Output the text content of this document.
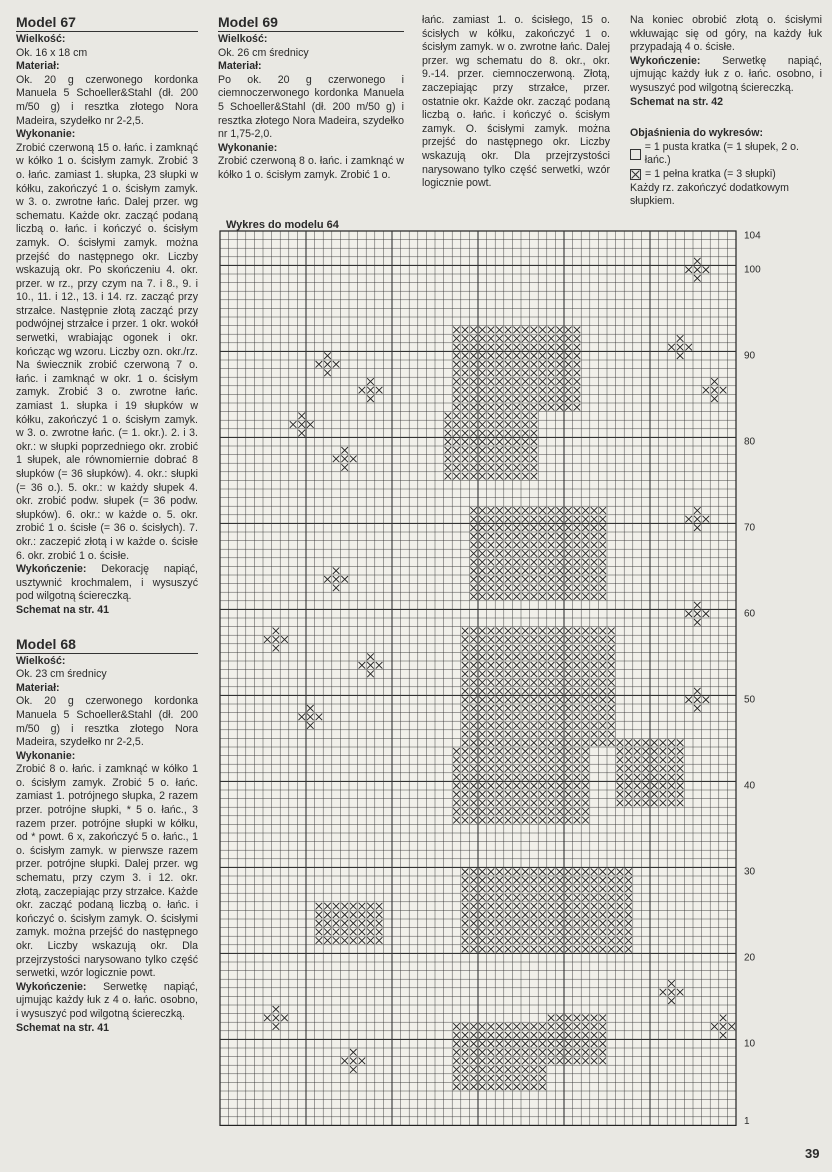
Model 67
Wielkość:

Ok. 16 x 18 cm

Materiał:

Ok. 20 g czerwonego kordonka Manuela 5 Schoeller&Stahl (dł. 200 m/50 g) i resztka złotego Nora Madeira, szydełko nr 2-2,5.

Wykonanie:

Zrobić czerwoną 15 o. łańc. i zamknąć w kółko 1 o. ścisłym zamyk. Zrobić 3 o. łańc. zamiast 1. słupka, 23 słupki w kółku, zakończyć 1 o. ścisłym zamyk. w 3. o. zwrotne łańc. Dalej przer. wg schematu. Każde okr. zacząć podaną liczbą o. łańc. i kończyć o. ścisłym zamyk. O. ścisłymi zamyk. można przejść do następnego okr. Liczby wskazują okr. Po skończeniu 4. okr. przer. w rz., przy czym na 7. i 8., 9. i 10., 11. i 12., 13. i 14. rz. zacząć przy strzałce. Następnie złotą zacząć przy podwójnej strzałce i przer. 1 okr. wokół serwetki, wrabiając ogonek i okr. kończąc wg wzoru. Liczby ozn. okr./rz. Na świecznik zrobić czerwoną 7 o. łańc. i zamknąć w okr. 1 o. ścisłym zamyk. Zrobić 3 o. zwrotne łańc. zamiast 1. słupka i 19 słupków w kółku, zakończyć 1 o. ścisłym zamyk. w 3. o. zwrotne łańc. (= 1. okr.). 2. i 3. okr.: w słupki poprzedniego okr. zrobić 1 słupek, ale równomiernie dobrać 8 słupków (= 36 słupków). 4. okr.: słupki (= 36 o.). 5. okr.: w każdy słupek 4. okr. zrobić podw. słupek (= 36 podw. słupków). 6. okr.: w każde o. 5. okr. zrobić 1 o. ścisłe (= 36 o. ścisłych). 7. okr.: zaczepić złotą i w każde o. ścisłe 6. okr. zrobić 1 o. ścisłe.

Wykończenie: Dekorację napiąć, usztywnić krochmalem, i wysuszyć pod wilgotną ściereczką.

Schemat na str. 41
Model 68
Wielkość:

Ok. 23 cm średnicy

Materiał:

Ok. 20 g czerwonego kordonka Manuela 5 Schoeller&Stahl (dł. 200 m/50 g) i resztka złotego Nora Madeira, szydełko nr 2-2,5.

Wykonanie:

Zrobić 8 o. łańc. i zamknąć w kółko 1 o. ścisłym zamyk. Zrobić 5 o. łańc. zamiast 1. potrójnego słupka, 2 razem przer. potrójne słupki, * 5 o. łańc., 3 razem przer. potrójne słupki w kółku, od * powt. 6 x, zakończyć 5 o. łańc., 1 o. ścisłym zamyk. w pierwsze razem przer. potrójne słupki. Dalej przer. wg schematu, przy czym 3. i 12. okr. złotą, zaczepiając przy strzałce. Każde okr. zacząć podaną liczbą o. łańc. i kończyć o. ścisłym zamyk. O. ścisłymi zamyk. można przejść do następnego okr. Liczby wskazują okr. Dla przejrzystości narysowano tylko część serwetki, wzór logicznie powt.

Wykończenie: Serwetkę napiąć, ujmując każdy łuk z 4 o. łańc. osobno, i wysuszyć pod wilgotną ściereczką.

Schemat na str. 41
Model 69
Wielkość:

Ok. 26 cm średnicy

Materiał:

Po ok. 20 g czerwonego i ciemnoczerwonego kordonka Manuela 5 Schoeller&Stahl (dł. 200 m/50 g) i resztka złotego Nora Madeira, szydełko nr 1,75-2,0.

Wykonanie:

Zrobić czerwoną 8 o. łańc. i zamknąć w kółko 1 o. ścisłym zamyk. Zrobić 1 o.

łańc. zamiast 1. o. ścisłego, 15 o. ścisłych w kółku, zakończyć 1 o. ścisłym zamyk. w o. zwrotne łańc. Dalej przer. wg schematu do 8. okr., okr. 9.-14. przer. ciemnoczerwoną. Złotą, zaczepiając przy strzałce, przer. ostatnie okr. Każde okr. zacząć podaną liczbą o. łańc. i kończyć o. ścisłym zamyk. O. ścisłymi zamyk. można przejść do następnego okr. Liczby wskazują okr. Dla przejrzystości narysowano tylko część serwetki, wzór logicznie powt.

Na koniec obrobić złotą o. ścisłymi wkłuwając się od góry, na każdy łuk przypadają 4 o. ścisłe.

Wykończenie: Serwetkę napiąć, ujmując każdy łuk z o. łańc. osobno, i wysuszyć pod wilgotną ściereczką.

Schemat na str. 42
Objaśnienia do wykresów:
= 1 pusta kratka (= 1 słupek, 2 o. łańc.)
= 1 pełna kratka (= 3 słupki)
Każdy rz. zakończyć dodatkowym słupkiem.
Wykres do modelu 64
104
100
90
80
70
60
50
40
30
20
10
1
39
